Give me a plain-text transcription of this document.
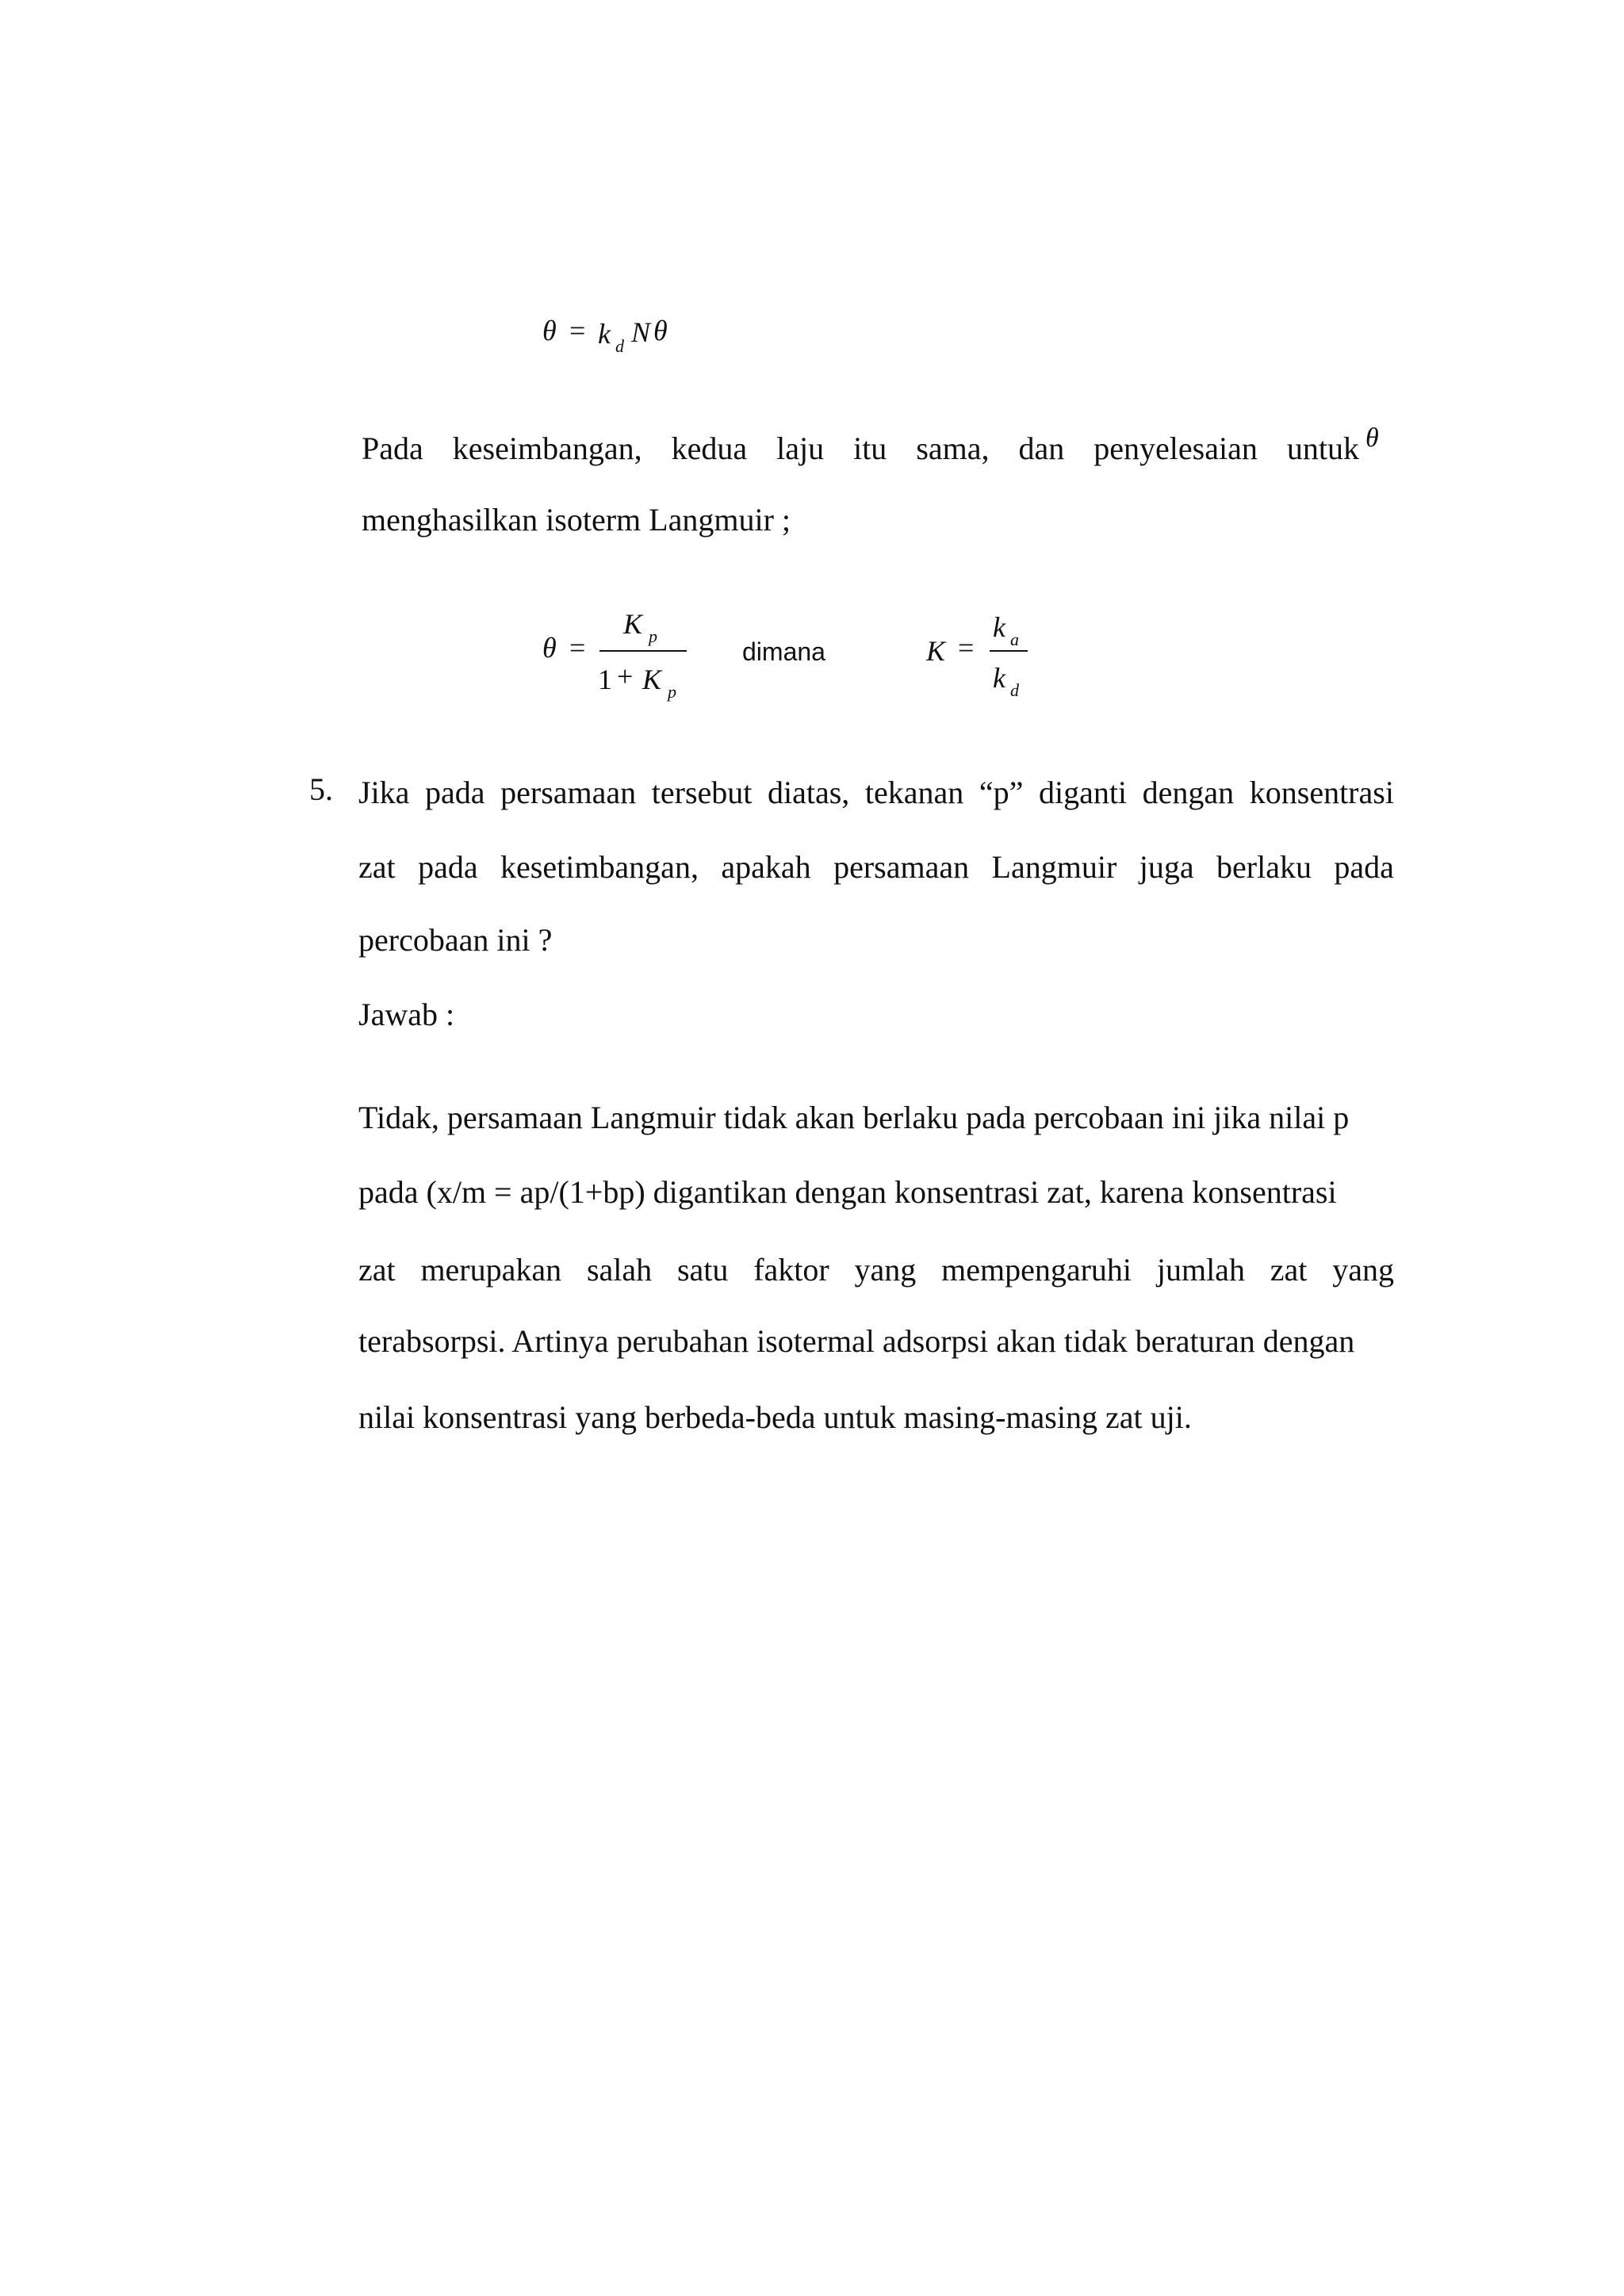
θ = k d N θ
Pada keseimbangan, kedua laju itu sama, dan penyelesaian untuk θ
menghasilkan isoterm Langmuir ;
θ =
K p
1 + K p
dimana	K =
k a
k d
5. Jika pada persamaan tersebut diatas, tekanan “p” diganti dengan konsentrasi
zat pada kesetimbangan, apakah persamaan Langmuir juga berlaku pada
percobaan ini ?
Jawab :
Tidak, persamaan Langmuir tidak akan berlaku pada percobaan ini jika nilai p
pada (x/m = ap/(1+bp) digantikan dengan konsentrasi zat, karena konsentrasi
zat merupakan salah satu faktor yang mempengaruhi jumlah zat yang
terabsorpsi. Artinya perubahan isotermal adsorpsi akan tidak beraturan dengan
nilai konsentrasi yang berbeda-beda untuk masing-masing zat uji.
